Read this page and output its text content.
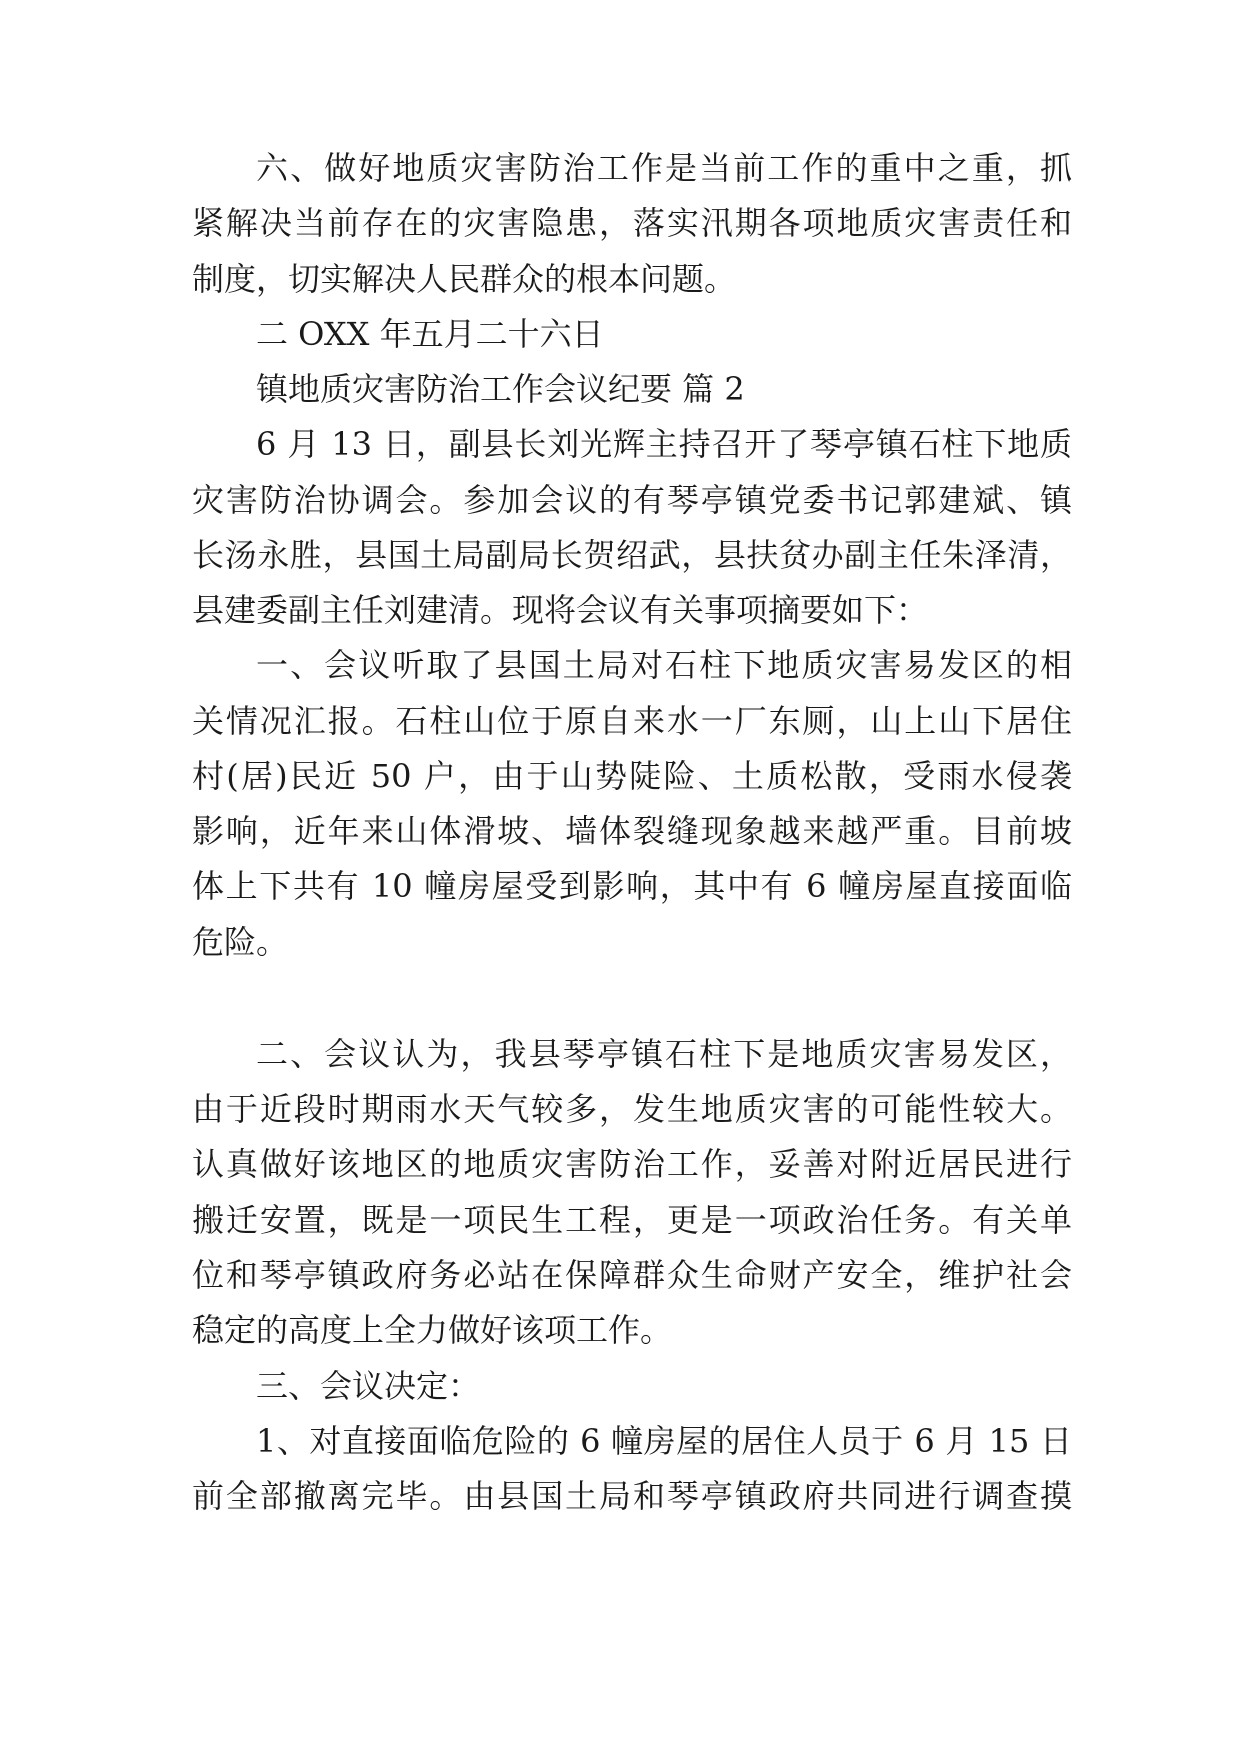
六、做好地质灾害防治工作是当前工作的重中之重，抓
紧解决当前存在的灾害隐患，落实汛期各项地质灾害责任和
制度，切实解决人民群众的根本问题。
二 OXX 年五月二十六日
镇地质灾害防治工作会议纪要 篇 2
6 月 13 日，副县长刘光辉主持召开了琴亭镇石柱下地质
灾害防治协调会。参加会议的有琴亭镇党委书记郭建斌、镇
长汤永胜，县国土局副局长贺绍武，县扶贫办副主任朱泽清，
县建委副主任刘建清。现将会议有关事项摘要如下：
一、会议听取了县国土局对石柱下地质灾害易发区的相
关情况汇报。石柱山位于原自来水一厂东厕，山上山下居住
村(居)民近 50 户，由于山势陡险、土质松散，受雨水侵袭
影响，近年来山体滑坡、墙体裂缝现象越来越严重。目前坡
体上下共有 10 幢房屋受到影响，其中有 6 幢房屋直接面临
危险。
二、会议认为，我县琴亭镇石柱下是地质灾害易发区，
由于近段时期雨水天气较多，发生地质灾害的可能性较大。
认真做好该地区的地质灾害防治工作，妥善对附近居民进行
搬迁安置，既是一项民生工程，更是一项政治任务。有关单
位和琴亭镇政府务必站在保障群众生命财产安全，维护社会
稳定的高度上全力做好该项工作。
三、会议决定：
1、对直接面临危险的 6 幢房屋的居住人员于 6 月 15 日
前全部撤离完毕。由县国土局和琴亭镇政府共同进行调查摸
